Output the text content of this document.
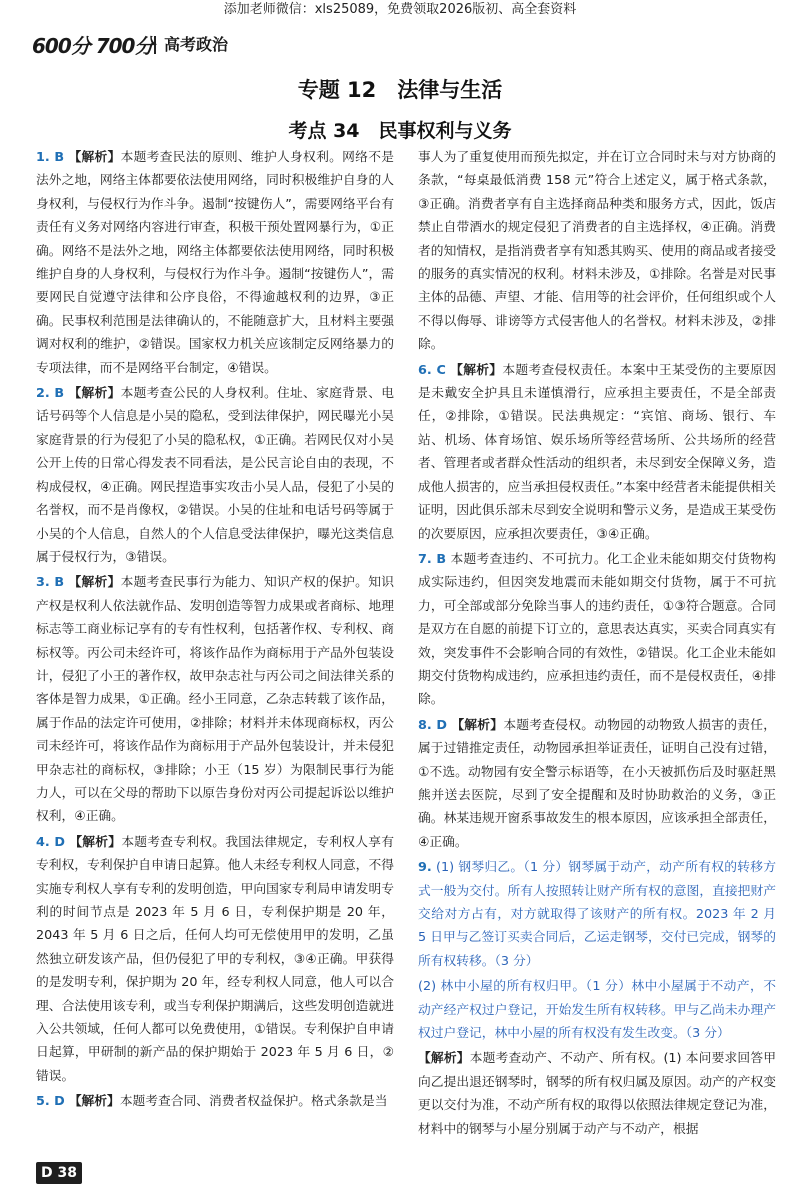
添加老师微信：xls25089，免费领取2026版初、高全套资料
600分 700分 高考政治
专题 12　法律与生活
考点 34　民事权利与义务

1. B 【解析】本题考查民法的原则、维护人身权利。网络不是法外之地，网络主体都要依法使用网络，同时积极维护自身的人身权利，与侵权行为作斗争。遏制“按键伤人”，需要网络平台有责任有义务对网络内容进行审查，积极干预处置网暴行为，①正确。网络不是法外之地，网络主体都要依法使用网络，同时积极维护自身的人身权利，与侵权行为作斗争。遏制“按键伤人”，需要网民自觉遵守法律和公序良俗，不得逾越权利的边界，③正确。民事权利范围是法律确认的，不能随意扩大，且材料主要强调对权利的维护，②错误。国家权力机关应该制定反网络暴力的专项法律，而不是网络平台制定，④错误。

2. B 【解析】本题考查公民的人身权利。住址、家庭背景、电话号码等个人信息是小吴的隐私，受到法律保护，网民曝光小吴家庭背景的行为侵犯了小吴的隐私权，①正确。若网民仅对小吴公开上传的日常心得发表不同看法，是公民言论自由的表现，不构成侵权，④正确。网民捏造事实攻击小吴人品，侵犯了小吴的名誉权，而不是肖像权，②错误。小吴的住址和电话号码等属于小吴的个人信息，自然人的个人信息受法律保护，曝光这类信息属于侵权行为，③错误。

3. B 【解析】本题考查民事行为能力、知识产权的保护。知识产权是权利人依法就作品、发明创造等智力成果或者商标、地理标志等工商业标记享有的专有性权利，包括著作权、专利权、商标权等。丙公司未经许可，将该作品作为商标用于产品外包装设计，侵犯了小王的著作权，故甲杂志社与丙公司之间法律关系的客体是智力成果，①正确。经小王同意，乙杂志转载了该作品，属于作品的法定许可使用，②排除；材料并未体现商标权，丙公司未经许可，将该作品作为商标用于产品外包装设计，并未侵犯甲杂志社的商标权，③排除；小王（15 岁）为限制民事行为能力人，可以在父母的帮助下以原告身份对丙公司提起诉讼以维护权利，④正确。

4. D 【解析】本题考查专利权。我国法律规定，专利权人享有专利权，专利保护自申请日起算。他人未经专利权人同意，不得实施专利权人享有专利的发明创造，甲向国家专利局申请发明专利的时间节点是 2023 年 5 月 6 日，专利保护期是 20 年，2043 年 5 月 6 日之后，任何人均可无偿使用甲的发明，乙虽然独立研发该产品，但仍侵犯了甲的专利权，③④正确。甲获得的是发明专利，保护期为 20 年，经专利权人同意，他人可以合理、合法使用该专利，或当专利保护期满后，这些发明创造就进入公共领域，任何人都可以免费使用，①错误。专利保护自申请日起算，甲研制的新产品的保护期始于 2023 年 5 月 6 日，②错误。

5. D 【解析】本题考查合同、消费者权益保护。格式条款是当

事人为了重复使用而预先拟定，并在订立合同时未与对方协商的条款，“每桌最低消费 158 元”符合上述定义，属于格式条款，③正确。消费者享有自主选择商品种类和服务方式，因此，饭店禁止自带酒水的规定侵犯了消费者的自主选择权，④正确。消费者的知情权，是指消费者享有知悉其购买、使用的商品或者接受的服务的真实情况的权利。材料未涉及，①排除。名誉是对民事主体的品德、声望、才能、信用等的社会评价，任何组织或个人不得以侮辱、诽谤等方式侵害他人的名誉权。材料未涉及，②排除。

6. C 【解析】本题考查侵权责任。本案中王某受伤的主要原因是未戴安全护具且未谨慎滑行，应承担主要责任，不是全部责任，②排除，①错误。民法典规定：“宾馆、商场、银行、车站、机场、体育场馆、娱乐场所等经营场所、公共场所的经营者、管理者或者群众性活动的组织者，未尽到安全保障义务，造成他人损害的，应当承担侵权责任。”本案中经营者未能提供相关证明，因此俱乐部未尽到安全说明和警示义务，是造成王某受伤的次要原因，应承担次要责任，③④正确。

7. B 本题考查违约、不可抗力。化工企业未能如期交付货物构成实际违约，但因突发地震而未能如期交付货物，属于不可抗力，可全部或部分免除当事人的违约责任，①③符合题意。合同是双方在自愿的前提下订立的，意思表达真实，买卖合同真实有效，突发事件不会影响合同的有效性，②错误。化工企业未能如期交付货物构成违约，应承担违约责任，而不是侵权责任，④排除。

8. D 【解析】本题考查侵权。动物园的动物致人损害的责任，属于过错推定责任，动物园承担举证责任，证明自己没有过错，①不选。动物园有安全警示标语等，在小天被抓伤后及时驱赶黑熊并送去医院，尽到了安全提醒和及时协助救治的义务，③正确。林某违规开窗系事故发生的根本原因，应该承担全部责任，④正确。

9. (1) 钢琴归乙。（1 分）钢琴属于动产，动产所有权的转移方式一般为交付。所有人按照转让财产所有权的意图，直接把财产交给对方占有，对方就取得了该财产的所有权。2023 年 2 月 5 日甲与乙签订买卖合同后，乙运走钢琴，交付已完成，钢琴的所有权转移。（3 分）

(2) 林中小屋的所有权归甲。（1 分）林中小屋属于不动产，不动产经产权过户登记，开始发生所有权转移。甲与乙尚未办理产权过户登记，林中小屋的所有权没有发生改变。（3 分）

【解析】本题考查动产、不动产、所有权。(1) 本问要求回答甲向乙提出退还钢琴时，钢琴的所有权归属及原因。动产的产权变更以交付为准，不动产所有权的取得以依照法律规定登记为准，材料中的钢琴与小屋分别属于动产与不动产，根据

D 38
